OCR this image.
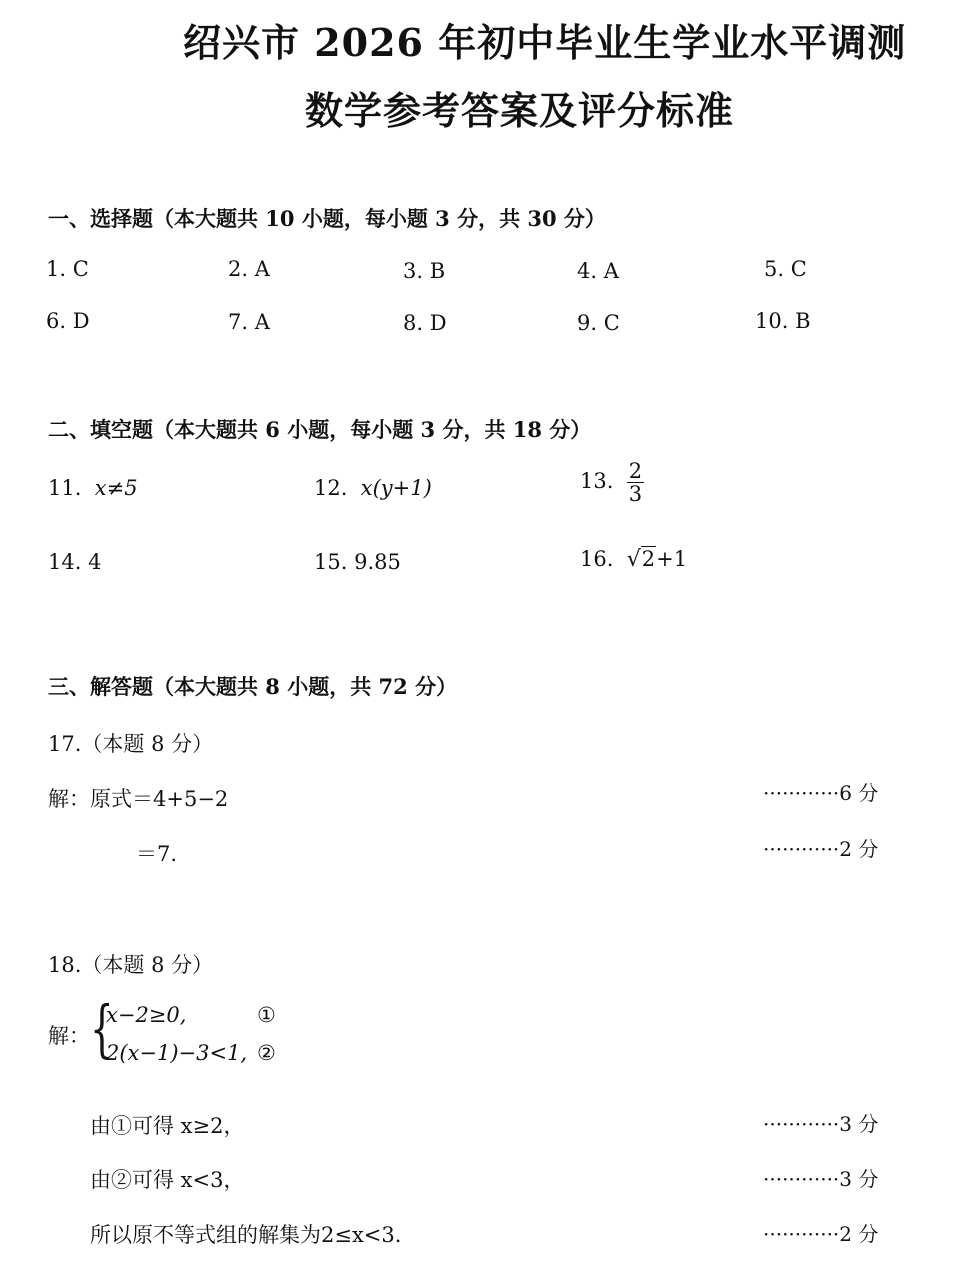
绍兴市 2026 年初中毕业生学业水平调测
数学参考答案及评分标准
一、选择题（本大题共 10 小题，每小题 3 分，共 30 分）
1. C	2. A	3. B	4. A	5. C
6. D	7. A	8. D	9. C	10. B
二、填空题（本大题共 6 小题，每小题 3 分，共 18 分）
11. x≠5	12. x(y+1)	13. $\frac{2}{3}$
14. 4	15. 9.85	16. √2+1
三、解答题（本大题共 8 小题，共 72 分）
17.（本题 8 分）
解：原式＝4+5−2	············6 分
＝7.	············2 分
18.（本题 8 分）
解： {
x−2≥0,	①
2(x−1)−3<1, ②
由①可得 x≥2，	············3 分
由②可得 x<3，	············3 分
所以原不等式组的解集为2≤x<3.	············2 分
